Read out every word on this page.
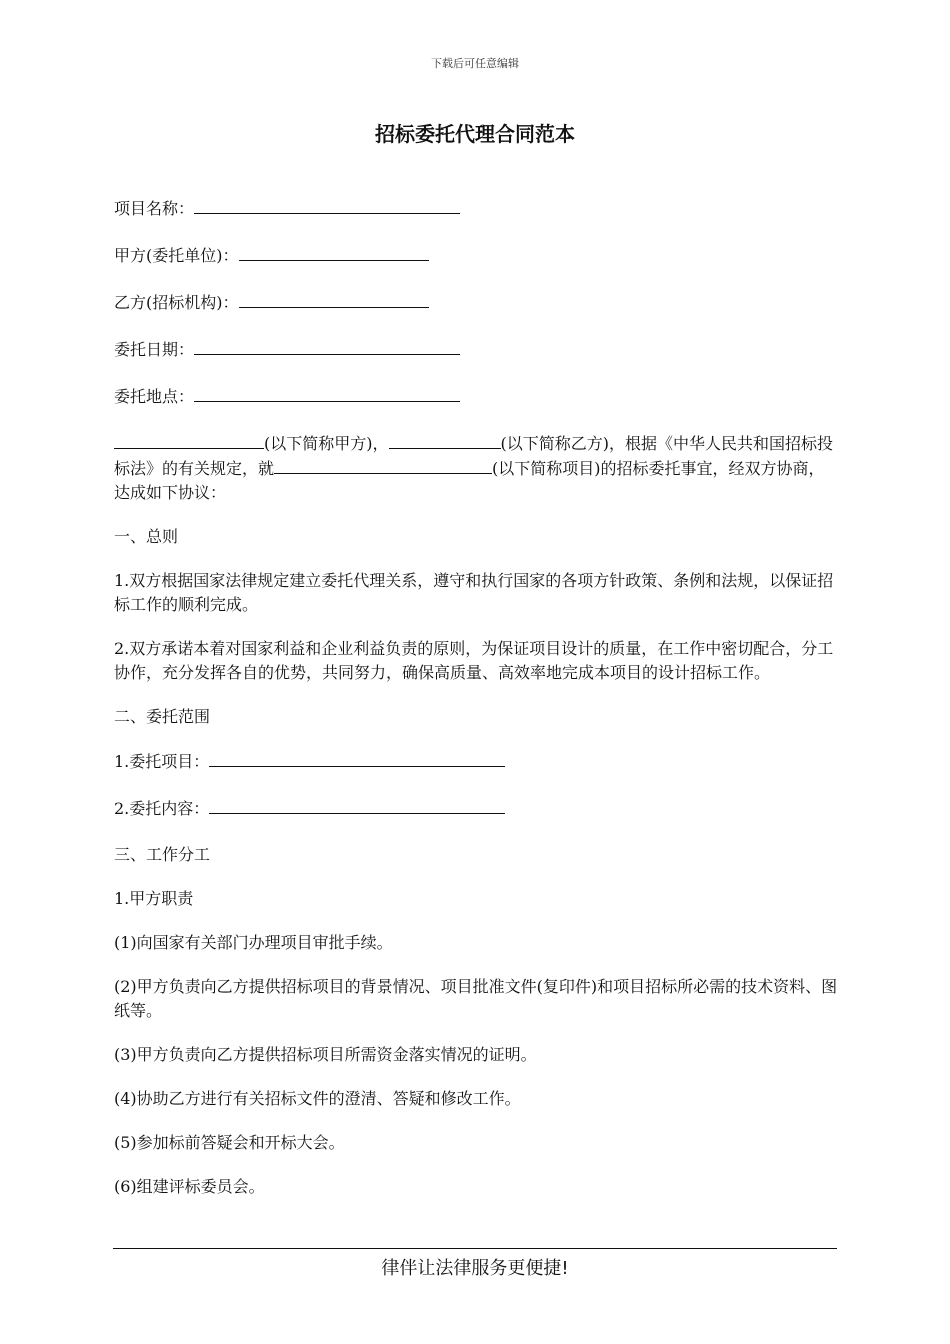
下载后可任意编辑
招标委托代理合同范本
项目名称：
甲方(委托单位)：
乙方(招标机构)：
委托日期：
委托地点：
(以下简称甲方)，	(以下简称乙方)，根据《中华人民共和国招标投标法》的有关规定，就	(以下简称项目)的招标委托事宜，经双方协商，达成如下协议：
一、总则
1.双方根据国家法律规定建立委托代理关系，遵守和执行国家的各项方针政策、条例和法规，以保证招标工作的顺利完成。
2.双方承诺本着对国家利益和企业利益负责的原则，为保证项目设计的质量，在工作中密切配合，分工协作，充分发挥各自的优势，共同努力，确保高质量、高效率地完成本项目的设计招标工作。
二、委托范围
1.委托项目：
2.委托内容：
三、工作分工
1.甲方职责
(1)向国家有关部门办理项目审批手续。
(2)甲方负责向乙方提供招标项目的背景情况、项目批准文件(复印件)和项目招标所必需的技术资料、图纸等。
(3)甲方负责向乙方提供招标项目所需资金落实情况的证明。
(4)协助乙方进行有关招标文件的澄清、答疑和修改工作。
(5)参加标前答疑会和开标大会。
(6)组建评标委员会。
律伴让法律服务更便捷!
